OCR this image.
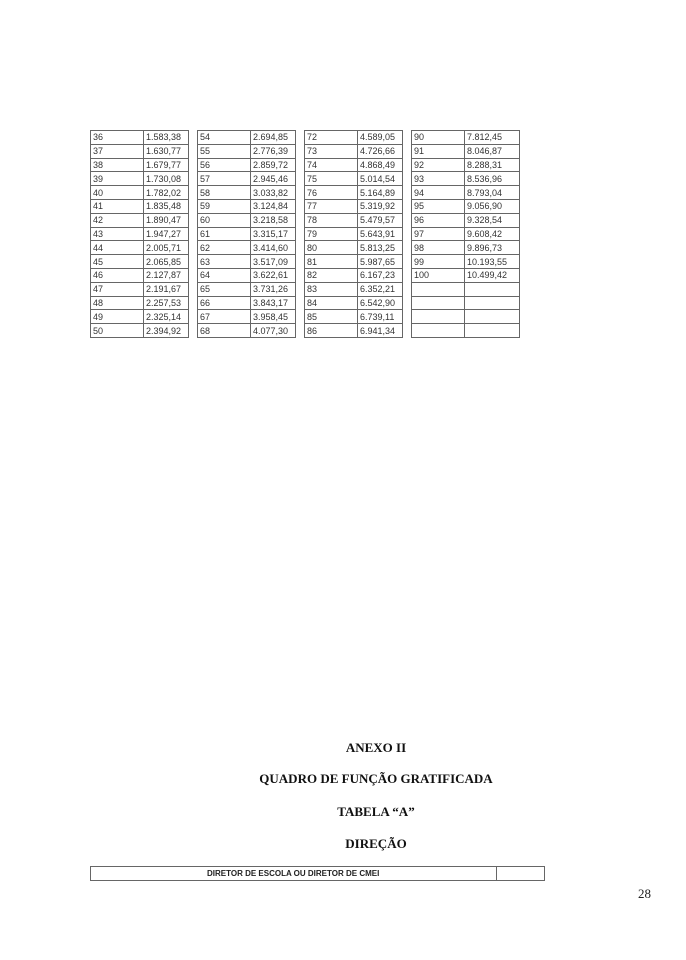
36	1.583,38		54	2.694,85		72	4.589,05		90	7.812,45
37	1.630,77		55	2.776,39		73	4.726,66		91	8.046,87
38	1.679,77		56	2.859,72		74	4.868,49		92	8.288,31
39	1.730,08		57	2.945,46		75	5.014,54		93	8.536,96
40	1.782,02		58	3.033,82		76	5.164,89		94	8.793,04
41	1.835,48		59	3.124,84		77	5.319,92		95	9.056,90
42	1.890,47		60	3.218,58		78	5.479,57		96	9.328,54
43	1.947,27		61	3.315,17		79	5.643,91		97	9.608,42
44	2.005,71		62	3.414,60		80	5.813,25		98	9.896,73
45	2.065,85		63	3.517,09		81	5.987,65		99	10.193,55
46	2.127,87		64	3.622,61		82	6.167,23		100	10.499,42
47	2.191,67		65	3.731,26		83	6.352,21			
48	2.257,53		66	3.843,17		84	6.542,90			
49	2.325,14		67	3.958,45		85	6.739,11			
50	2.394,92		68	4.077,30		86	6.941,34			
ANEXO II
QUADRO DE FUNÇÃO GRATIFICADA
TABELA “A”
DIREÇÃO
DIRETOR DE ESCOLA OU DIRETOR DE CMEI	
28
